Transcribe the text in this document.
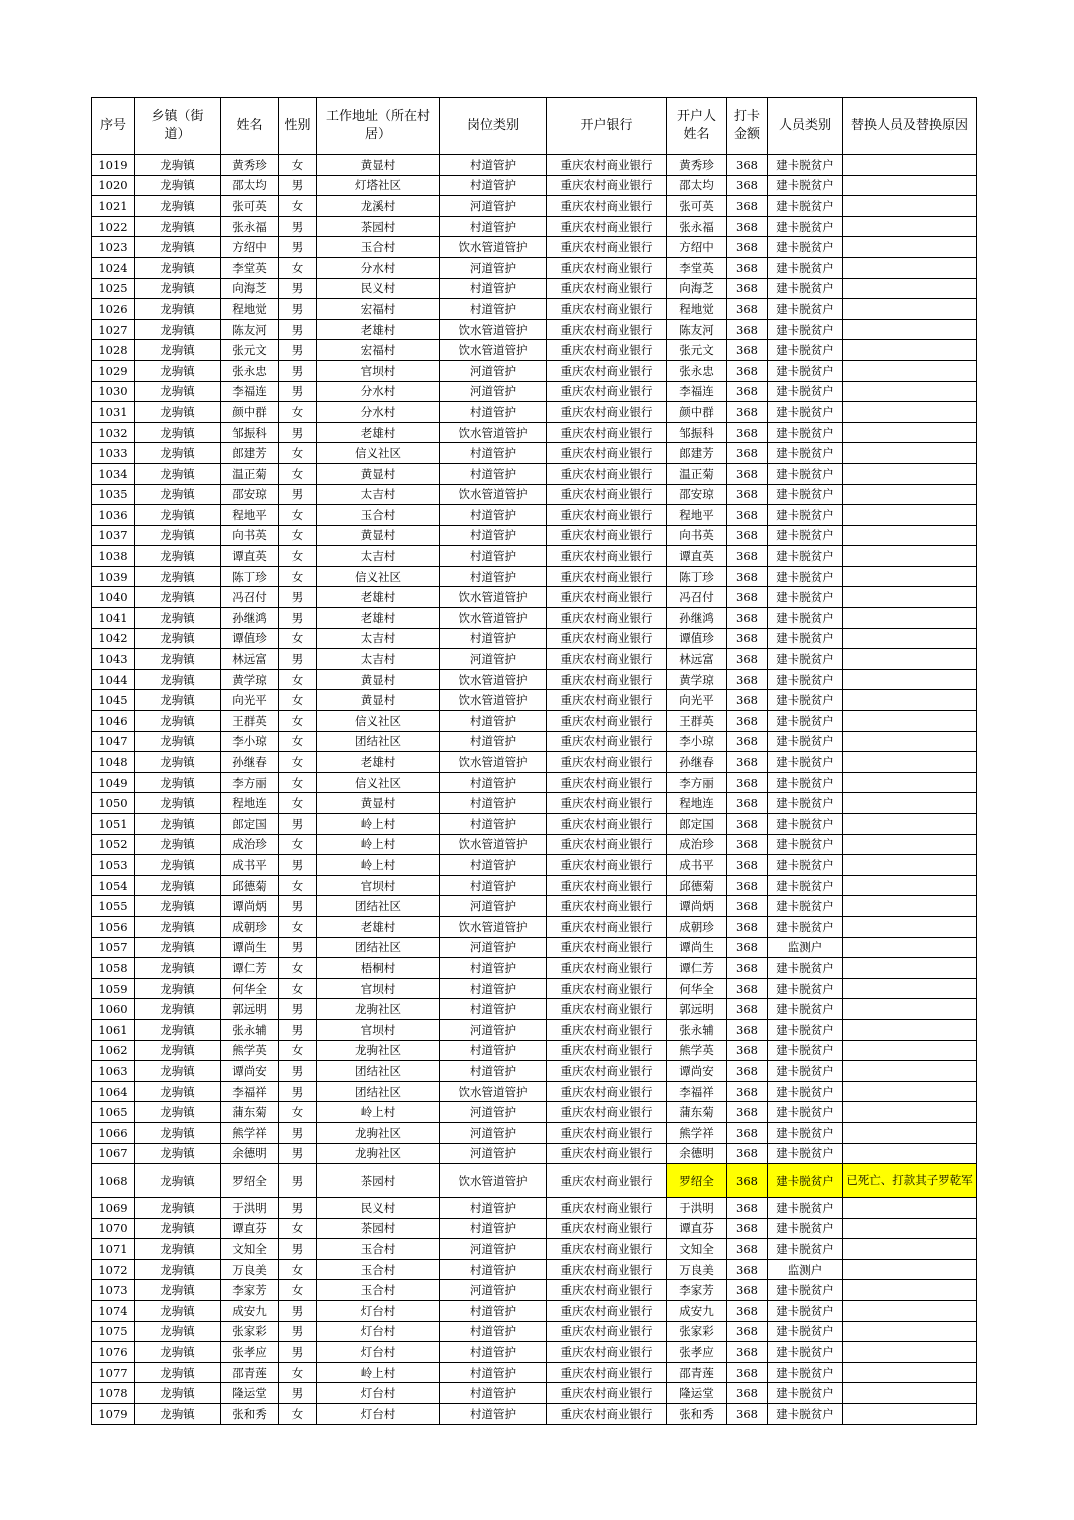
序号	乡镇（街道）	姓名	性别	工作地址（所在村居）	岗位类别	开户银行	开户人姓名	打卡金额	人员类别	替换人员及替换原因
1019	龙驹镇	黄秀珍	女	黄显村	村道管护	重庆农村商业银行	黄秀珍	368	建卡脱贫户	
1020	龙驹镇	邵太均	男	灯塔社区	村道管护	重庆农村商业银行	邵太均	368	建卡脱贫户	
1021	龙驹镇	张可英	女	龙溪村	河道管护	重庆农村商业银行	张可英	368	建卡脱贫户	
1022	龙驹镇	张永福	男	茶园村	村道管护	重庆农村商业银行	张永福	368	建卡脱贫户	
1023	龙驹镇	方绍中	男	玉合村	饮水管道管护	重庆农村商业银行	方绍中	368	建卡脱贫户	
1024	龙驹镇	李堂英	女	分水村	河道管护	重庆农村商业银行	李堂英	368	建卡脱贫户	
1025	龙驹镇	向海芝	男	民义村	村道管护	重庆农村商业银行	向海芝	368	建卡脱贫户	
1026	龙驹镇	程地觉	男	宏福村	村道管护	重庆农村商业银行	程地觉	368	建卡脱贫户	
1027	龙驹镇	陈友河	男	老雄村	饮水管道管护	重庆农村商业银行	陈友河	368	建卡脱贫户	
1028	龙驹镇	张元文	男	宏福村	饮水管道管护	重庆农村商业银行	张元文	368	建卡脱贫户	
1029	龙驹镇	张永忠	男	官坝村	河道管护	重庆农村商业银行	张永忠	368	建卡脱贫户	
1030	龙驹镇	李福连	男	分水村	河道管护	重庆农村商业银行	李福连	368	建卡脱贫户	
1031	龙驹镇	颜中群	女	分水村	村道管护	重庆农村商业银行	颜中群	368	建卡脱贫户	
1032	龙驹镇	邹振科	男	老雄村	饮水管道管护	重庆农村商业银行	邹振科	368	建卡脱贫户	
1033	龙驹镇	郎建芳	女	信义社区	村道管护	重庆农村商业银行	郎建芳	368	建卡脱贫户	
1034	龙驹镇	温正菊	女	黄显村	村道管护	重庆农村商业银行	温正菊	368	建卡脱贫户	
1035	龙驹镇	邵安琼	男	太吉村	饮水管道管护	重庆农村商业银行	邵安琼	368	建卡脱贫户	
1036	龙驹镇	程地平	女	玉合村	村道管护	重庆农村商业银行	程地平	368	建卡脱贫户	
1037	龙驹镇	向书英	女	黄显村	村道管护	重庆农村商业银行	向书英	368	建卡脱贫户	
1038	龙驹镇	谭直英	女	太吉村	村道管护	重庆农村商业银行	谭直英	368	建卡脱贫户	
1039	龙驹镇	陈丁珍	女	信义社区	村道管护	重庆农村商业银行	陈丁珍	368	建卡脱贫户	
1040	龙驹镇	冯召付	男	老雄村	饮水管道管护	重庆农村商业银行	冯召付	368	建卡脱贫户	
1041	龙驹镇	孙继鸿	男	老雄村	饮水管道管护	重庆农村商业银行	孙继鸿	368	建卡脱贫户	
1042	龙驹镇	谭值珍	女	太吉村	村道管护	重庆农村商业银行	谭值珍	368	建卡脱贫户	
1043	龙驹镇	林远富	男	太吉村	河道管护	重庆农村商业银行	林远富	368	建卡脱贫户	
1044	龙驹镇	黄学琼	女	黄显村	饮水管道管护	重庆农村商业银行	黄学琼	368	建卡脱贫户	
1045	龙驹镇	向光平	女	黄显村	饮水管道管护	重庆农村商业银行	向光平	368	建卡脱贫户	
1046	龙驹镇	王群英	女	信义社区	村道管护	重庆农村商业银行	王群英	368	建卡脱贫户	
1047	龙驹镇	李小琼	女	团结社区	村道管护	重庆农村商业银行	李小琼	368	建卡脱贫户	
1048	龙驹镇	孙继春	女	老雄村	饮水管道管护	重庆农村商业银行	孙继春	368	建卡脱贫户	
1049	龙驹镇	李方丽	女	信义社区	村道管护	重庆农村商业银行	李方丽	368	建卡脱贫户	
1050	龙驹镇	程地连	女	黄显村	村道管护	重庆农村商业银行	程地连	368	建卡脱贫户	
1051	龙驹镇	郎定国	男	岭上村	村道管护	重庆农村商业银行	郎定国	368	建卡脱贫户	
1052	龙驹镇	成治珍	女	岭上村	饮水管道管护	重庆农村商业银行	成治珍	368	建卡脱贫户	
1053	龙驹镇	成书平	男	岭上村	村道管护	重庆农村商业银行	成书平	368	建卡脱贫户	
1054	龙驹镇	邱德菊	女	官坝村	村道管护	重庆农村商业银行	邱德菊	368	建卡脱贫户	
1055	龙驹镇	谭尚炳	男	团结社区	河道管护	重庆农村商业银行	谭尚炳	368	建卡脱贫户	
1056	龙驹镇	成朝珍	女	老雄村	饮水管道管护	重庆农村商业银行	成朝珍	368	建卡脱贫户	
1057	龙驹镇	谭尚生	男	团结社区	河道管护	重庆农村商业银行	谭尚生	368	监测户	
1058	龙驹镇	谭仁芳	女	梧桐村	村道管护	重庆农村商业银行	谭仁芳	368	建卡脱贫户	
1059	龙驹镇	何华全	女	官坝村	村道管护	重庆农村商业银行	何华全	368	建卡脱贫户	
1060	龙驹镇	郭远明	男	龙驹社区	村道管护	重庆农村商业银行	郭远明	368	建卡脱贫户	
1061	龙驹镇	张永辅	男	官坝村	河道管护	重庆农村商业银行	张永辅	368	建卡脱贫户	
1062	龙驹镇	熊学英	女	龙驹社区	村道管护	重庆农村商业银行	熊学英	368	建卡脱贫户	
1063	龙驹镇	谭尚安	男	团结社区	村道管护	重庆农村商业银行	谭尚安	368	建卡脱贫户	
1064	龙驹镇	李福祥	男	团结社区	饮水管道管护	重庆农村商业银行	李福祥	368	建卡脱贫户	
1065	龙驹镇	蒲东菊	女	岭上村	河道管护	重庆农村商业银行	蒲东菊	368	建卡脱贫户	
1066	龙驹镇	熊学祥	男	龙驹社区	河道管护	重庆农村商业银行	熊学祥	368	建卡脱贫户	
1067	龙驹镇	余德明	男	龙驹社区	河道管护	重庆农村商业银行	余德明	368	建卡脱贫户	
1068	龙驹镇	罗绍全	男	茶园村	饮水管道管护	重庆农村商业银行	罗绍全	368	建卡脱贫户	已死亡、打款其子罗乾军
1069	龙驹镇	于洪明	男	民义村	村道管护	重庆农村商业银行	于洪明	368	建卡脱贫户	
1070	龙驹镇	谭直芬	女	茶园村	村道管护	重庆农村商业银行	谭直芬	368	建卡脱贫户	
1071	龙驹镇	文知全	男	玉合村	河道管护	重庆农村商业银行	文知全	368	建卡脱贫户	
1072	龙驹镇	万良美	女	玉合村	村道管护	重庆农村商业银行	万良美	368	监测户	
1073	龙驹镇	李家芳	女	玉合村	河道管护	重庆农村商业银行	李家芳	368	建卡脱贫户	
1074	龙驹镇	成安九	男	灯台村	村道管护	重庆农村商业银行	成安九	368	建卡脱贫户	
1075	龙驹镇	张家彩	男	灯台村	村道管护	重庆农村商业银行	张家彩	368	建卡脱贫户	
1076	龙驹镇	张孝应	男	灯台村	村道管护	重庆农村商业银行	张孝应	368	建卡脱贫户	
1077	龙驹镇	邵青莲	女	岭上村	村道管护	重庆农村商业银行	邵青莲	368	建卡脱贫户	
1078	龙驹镇	隆运堂	男	灯台村	村道管护	重庆农村商业银行	隆运堂	368	建卡脱贫户	
1079	龙驹镇	张和秀	女	灯台村	村道管护	重庆农村商业银行	张和秀	368	建卡脱贫户	
